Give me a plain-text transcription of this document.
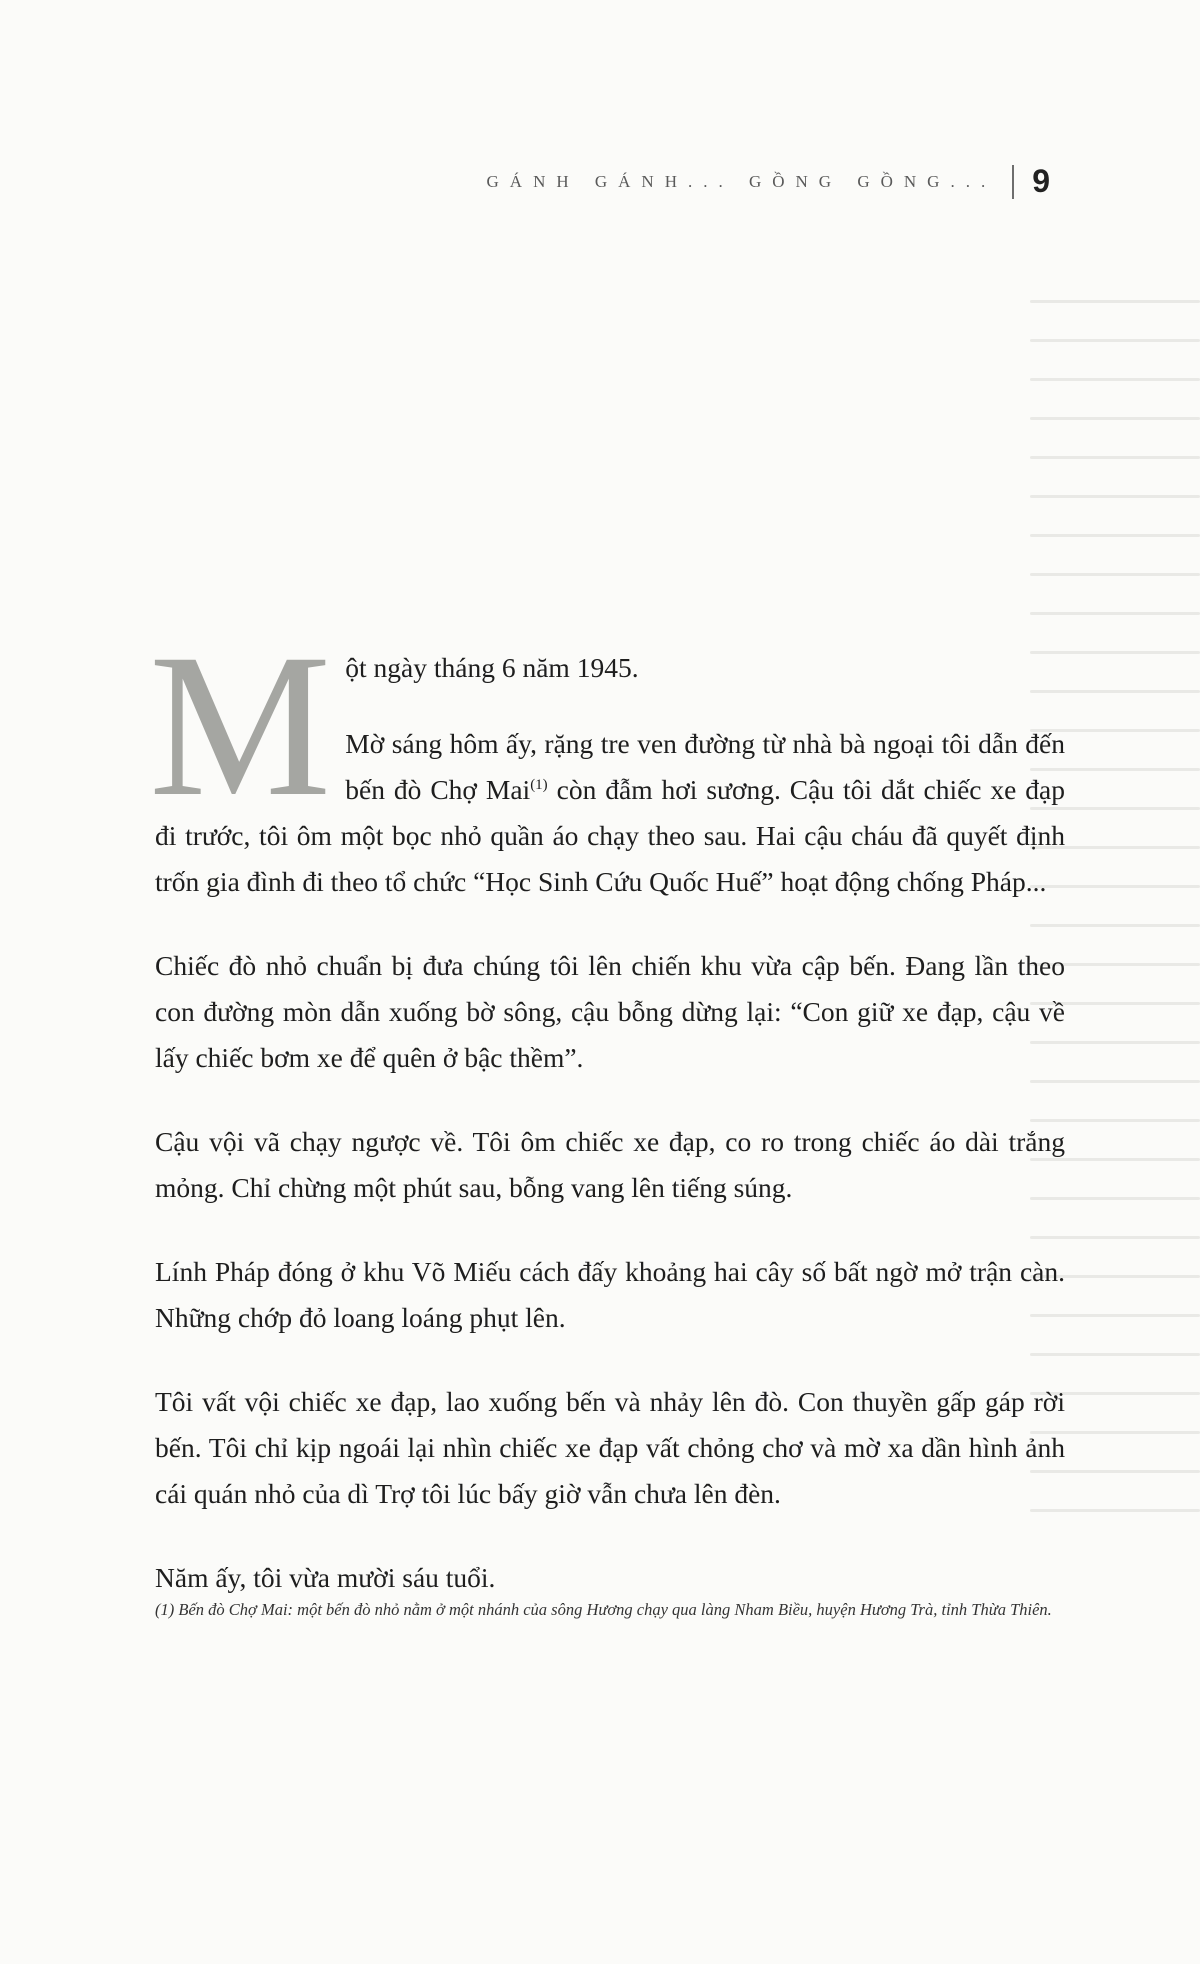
GÁNH GÁNH... GỒNG GỒNG... 9

M ột ngày tháng 6 năm 1945.
Mờ sáng hôm ấy, rặng tre ven đường từ nhà bà ngoại tôi dẫn đến bến đò Chợ Mai$^{(1)}$ còn đẫm hơi sương. Cậu tôi dắt chiếc xe đạp đi trước, tôi ôm một bọc nhỏ quần áo chạy theo sau. Hai cậu cháu đã quyết định trốn gia đình đi theo tổ chức “Học Sinh Cứu Quốc Huế” hoạt động chống Pháp...

Chiếc đò nhỏ chuẩn bị đưa chúng tôi lên chiến khu vừa cập bến. Đang lần theo con đường mòn dẫn xuống bờ sông, cậu bỗng dừng lại: “Con giữ xe đạp, cậu về lấy chiếc bơm xe để quên ở bậc thềm”.

Cậu vội vã chạy ngược về. Tôi ôm chiếc xe đạp, co ro trong chiếc áo dài trắng mỏng. Chỉ chừng một phút sau, bỗng vang lên tiếng súng.

Lính Pháp đóng ở khu Võ Miếu cách đấy khoảng hai cây số bất ngờ mở trận càn. Những chớp đỏ loang loáng phụt lên.

Tôi vất vội chiếc xe đạp, lao xuống bến và nhảy lên đò. Con thuyền gấp gáp rời bến. Tôi chỉ kịp ngoái lại nhìn chiếc xe đạp vất chỏng chơ và mờ xa dần hình ảnh cái quán nhỏ của dì Trợ tôi lúc bấy giờ vẫn chưa lên đèn.

Năm ấy, tôi vừa mười sáu tuổi.

(1) Bến đò Chợ Mai: một bến đò nhỏ nằm ở một nhánh của sông Hương chạy qua làng Nham Biều, huyện Hương Trà, tỉnh Thừa Thiên.
